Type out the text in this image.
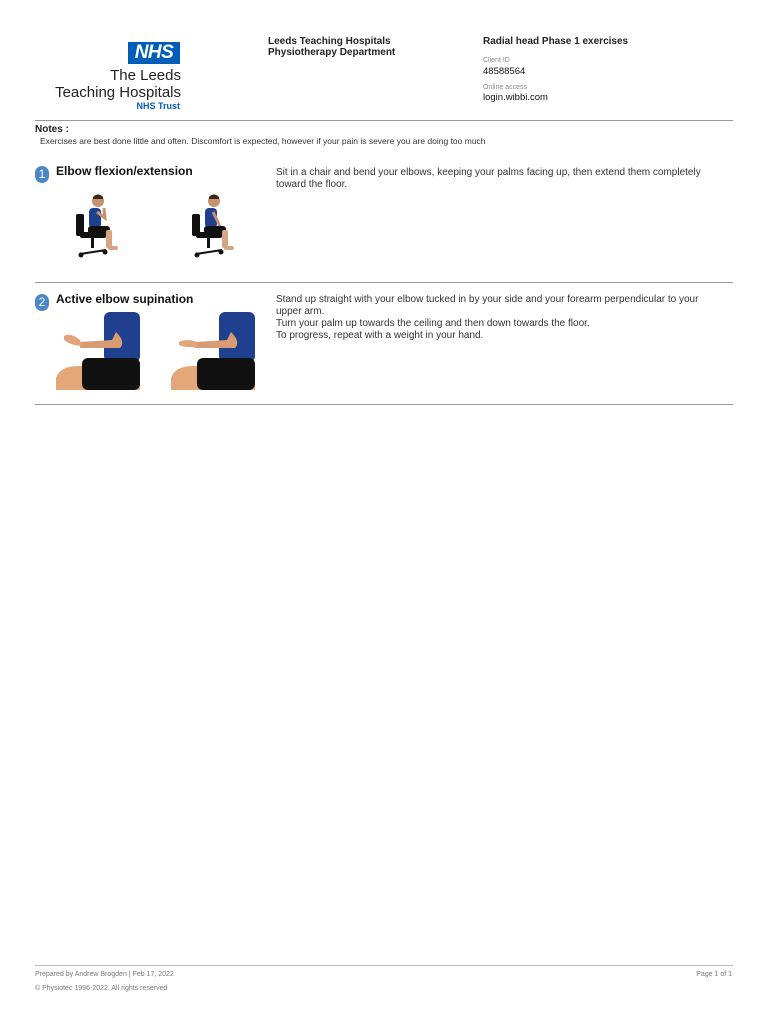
NHS
The Leeds
Teaching Hospitals
NHS Trust
Leeds Teaching Hospitals
Physiotherapy Department
Radial head Phase 1 exercises
Client ID
48588564
Online access
login.wibbi.com
Notes :
Exercises are best done little and often. Discomfort is expected, however if your pain is severe you are doing too much
1 Elbow flexion/extension	Sit in a chair and bend your elbows, keeping your palms facing up, then extend them completely toward the floor.
2 Active elbow supination	Stand up straight with your elbow tucked in by your side and your forearm perpendicular to your upper arm.
Turn your palm up towards the ceiling and then down towards the floor.
To progress, repeat with a weight in your hand.
Prepared by Andrew Brogden | Feb 17, 2022
© Physiotec 1996-2022. All rights reserved
Page 1 of 1
